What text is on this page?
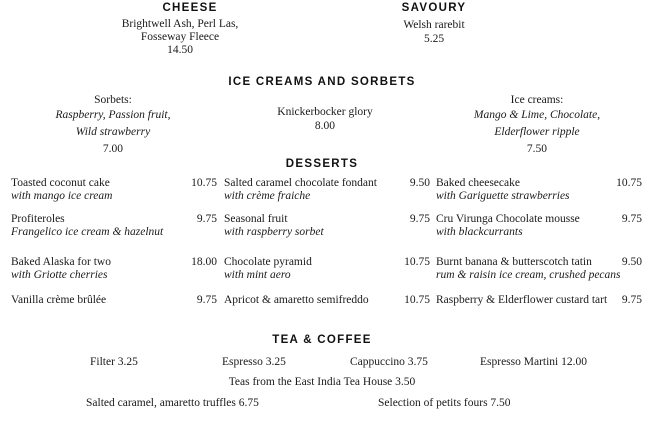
CHEESE
Brightwell Ash, Perl Las,
Fosseway Fleece
14.50
SAVOURY
Welsh rarebit
5.25
ICE CREAMS AND SORBETS
Sorbets:
Raspberry, Passion fruit,
Wild strawberry
7.00
Knickerbocker glory
8.00
Ice creams:
Mango & Lime, Chocolate,
Elderflower ripple
7.50
DESSERTS
Toasted coconut cake	10.75
with mango ice cream
Salted caramel chocolate fondant	9.50
with crème fraiche
Baked cheesecake	10.75
with Gariguette strawberries
Profiteroles	9.75
Frangelico ice cream & hazelnut
Seasonal fruit	9.75
with raspberry sorbet
Cru Virunga Chocolate mousse	9.75
with blackcurrants
Baked Alaska for two	18.00
with Griotte cherries
Chocolate pyramid	10.75
with mint aero
Burnt banana & butterscotch tatin	9.50
rum & raisin ice cream, crushed pecans
Vanilla crème brûlée	9.75 Apricot & amaretto semifreddo	10.75 Raspberry & Elderflower custard tart 9.75
TEA & COFFEE
Filter 3.25	Espresso 3.25	Cappuccino 3.75	Espresso Martini 12.00
Teas from the East India Tea House 3.50
Salted caramel, amaretto truffles 6.75	Selection of petits fours 7.50
